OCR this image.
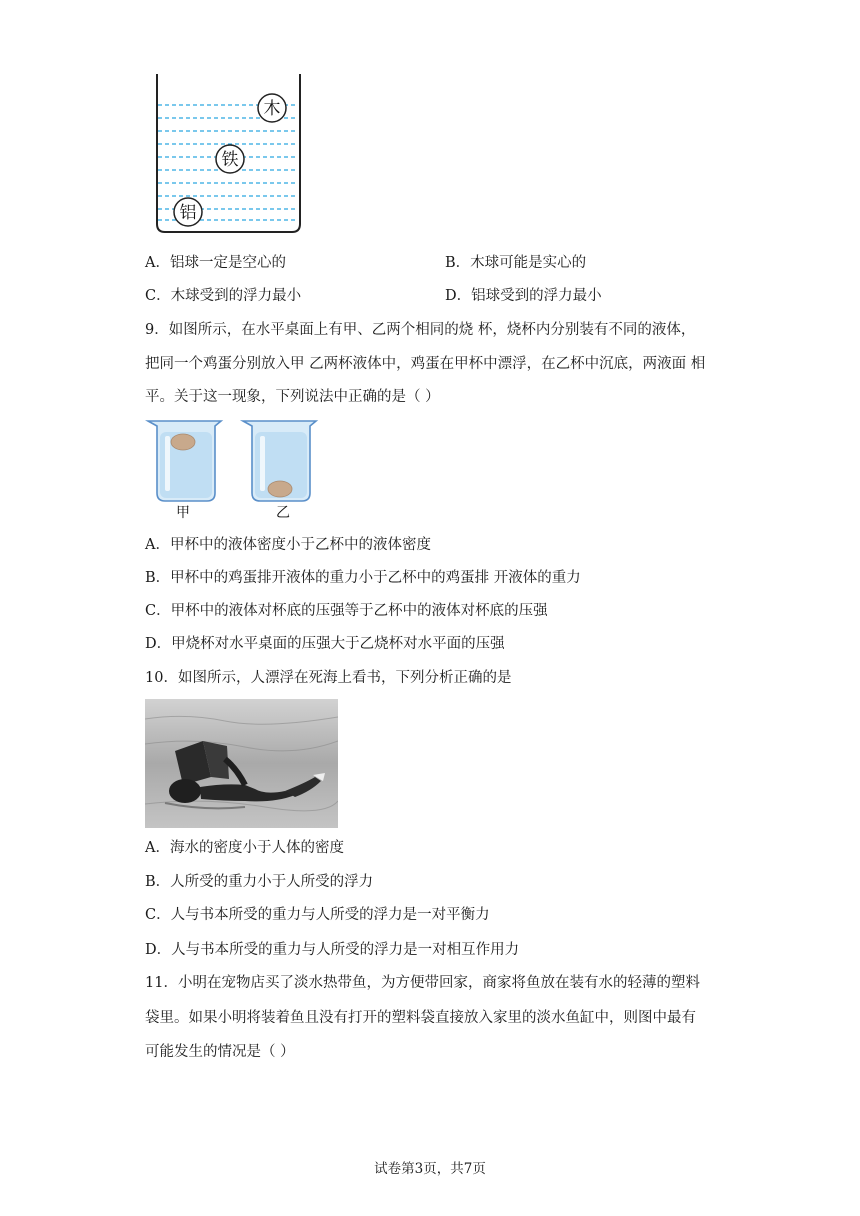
木
铁
铝
A．铝球一定是空心的	B．木球可能是实心的
C．木球受到的浮力最小	D．铝球受到的浮力最小
9．如图所示，在水平桌面上有甲、乙两个相同的烧 杯，烧杯内分别装有不同的液体，
把同一个鸡蛋分别放入甲 乙两杯液体中，鸡蛋在甲杯中漂浮，在乙杯中沉底，两液面 相
平。关于这一现象，下列说法中正确的是（ ）
甲	乙
A．甲杯中的液体密度小于乙杯中的液体密度
B．甲杯中的鸡蛋排开液体的重力小于乙杯中的鸡蛋排 开液体的重力
C．甲杯中的液体对杯底的压强等于乙杯中的液体对杯底的压强
D．甲烧杯对水平桌面的压强大于乙烧杯对水平面的压强
10．如图所示，人漂浮在死海上看书，下列分析正确的是
A．海水的密度小于人体的密度
B．人所受的重力小于人所受的浮力
C．人与书本所受的重力与人所受的浮力是一对平衡力
D．人与书本所受的重力与人所受的浮力是一对相互作用力
11．小明在宠物店买了淡水热带鱼，为方便带回家，商家将鱼放在装有水的轻薄的塑料
袋里。如果小明将装着鱼且没有打开的塑料袋直接放入家里的淡水鱼缸中，则图中最有
可能发生的情况是（ ）
试卷第3页，共7页
